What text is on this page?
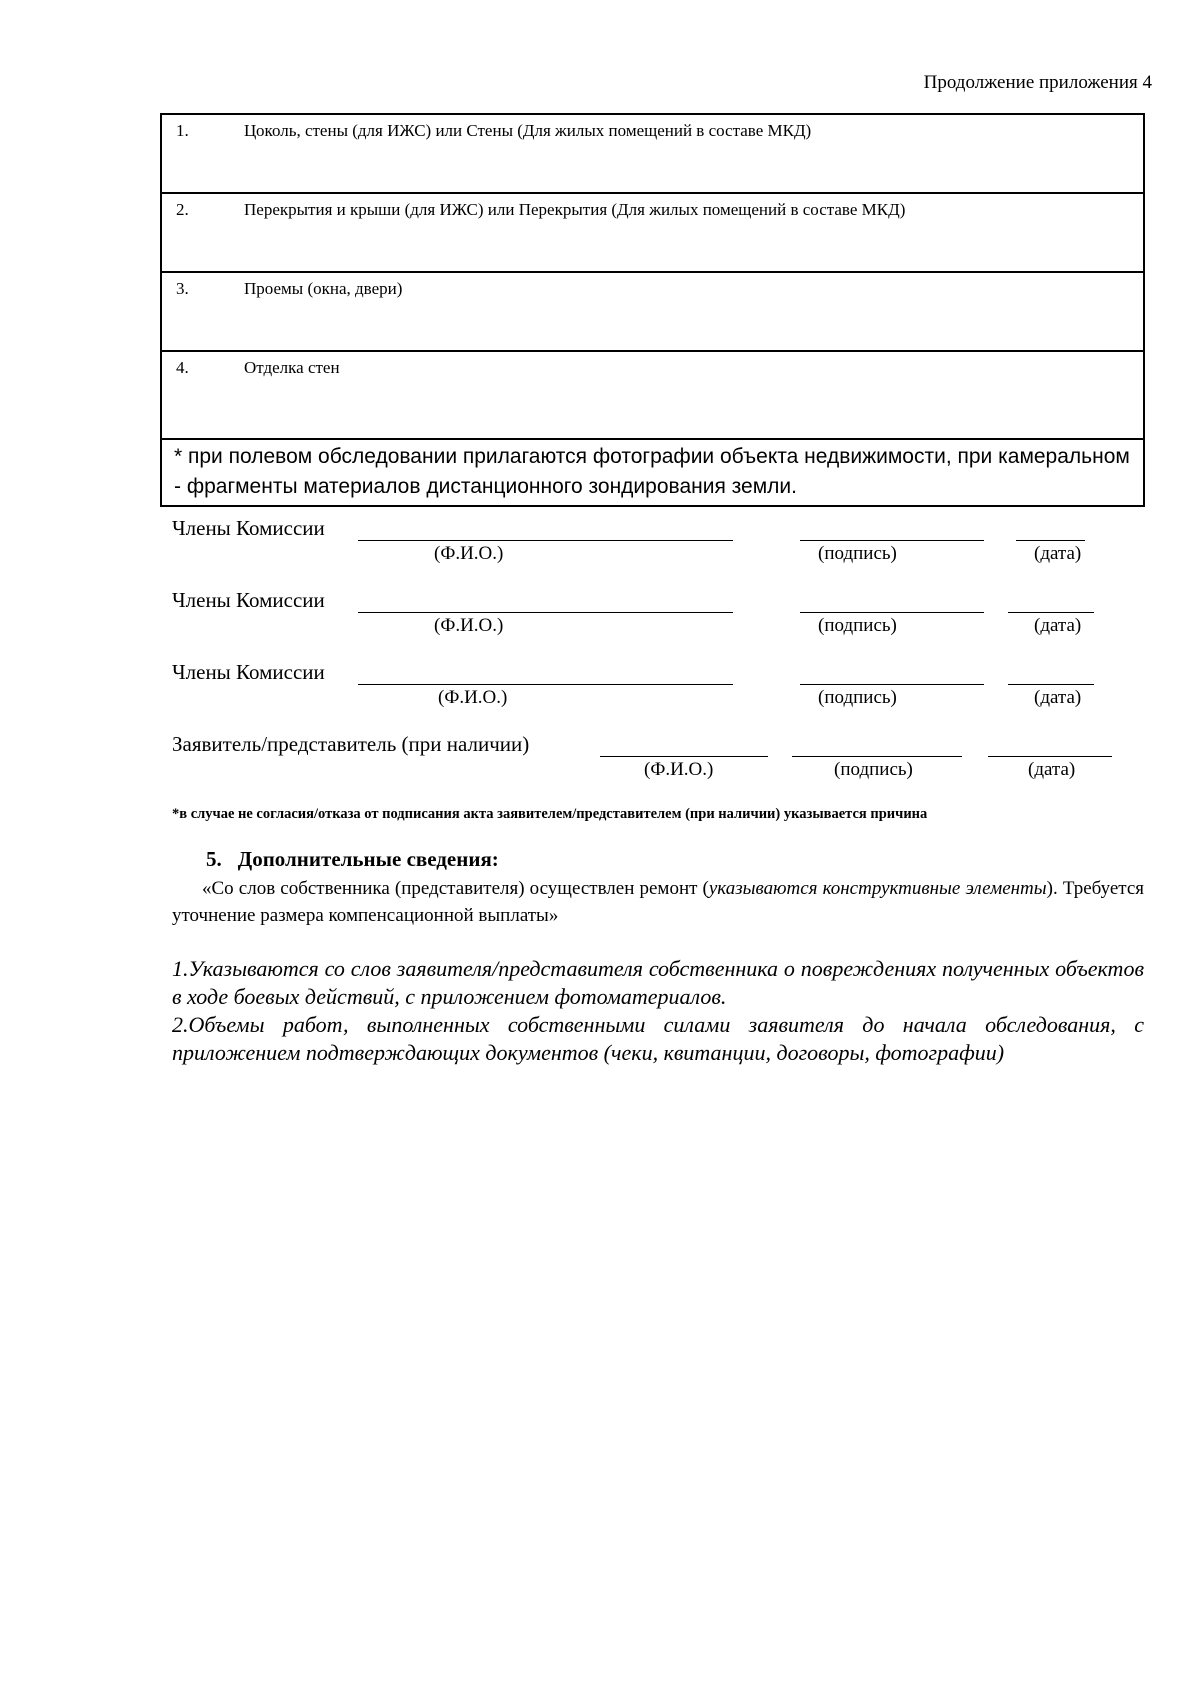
Продолжение приложения 4
1.	Цоколь, стены (для ИЖС) или Стены (Для жилых помещений в составе МКД)
2.	Перекрытия и крыши (для ИЖС) или Перекрытия (Для жилых помещений в составе МКД)
3.	Проемы (окна, двери)
4.	Отделка стен
* при полевом обследовании прилагаются фотографии объекта недвижимости, при камеральном - фрагменты материалов дистанционного зондирования земли.
Члены Комиссии
(Ф.И.О.)	(подпись)	(дата)
Члены Комиссии
(Ф.И.О.)	(подпись)	(дата)
Члены Комиссии
(Ф.И.О.)	(подпись)	(дата)
Заявитель/представитель (при наличии)
(Ф.И.О.)	(подпись)	(дата)
*в случае не согласия/отказа от подписания акта заявителем/представителем (при наличии) указывается причина
5. Дополнительные сведения:
«Со слов собственника (представителя) осуществлен ремонт (указываются конструктивные элементы). Требуется уточнение размера компенсационной выплаты»

1.Указываются со слов заявителя/представителя собственника о повреждениях полученных объектов в ходе боевых действий, с приложением фотоматериалов.

2.Объемы работ, выполненных собственными силами заявителя до начала обследования, с приложением подтверждающих документов (чеки, квитанции, договоры, фотографии)
